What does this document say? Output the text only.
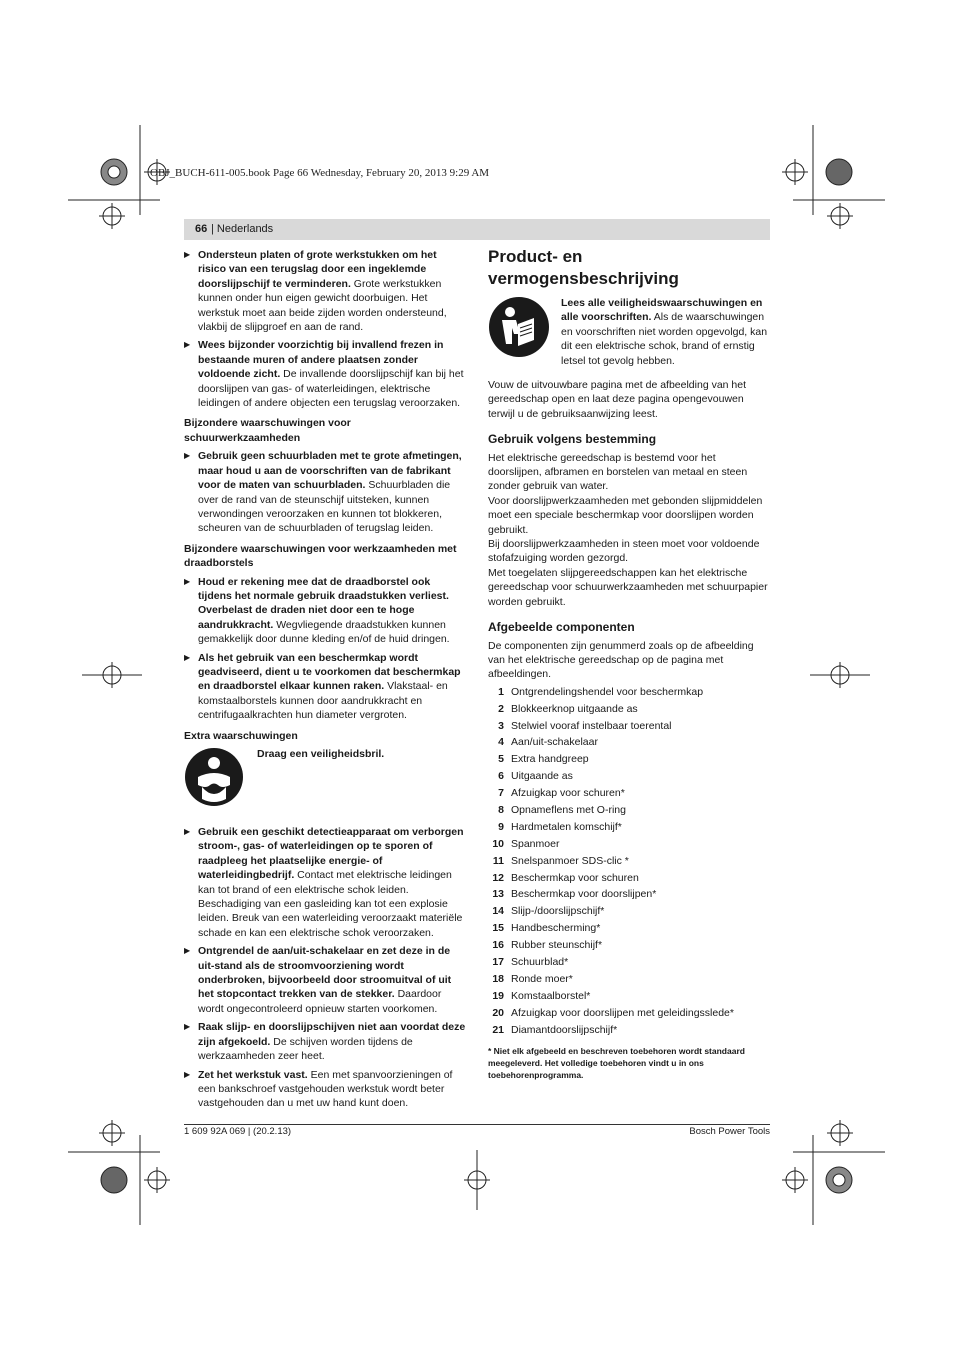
OBJ_BUCH-611-005.book Page 66 Wednesday, February 20, 2013 9:29 AM
66 | Nederlands
▶ Ondersteun platen of grote werkstukken om het risico van een terugslag door een ingeklemde doorslijpschijf te verminderen. Grote werkstukken kunnen onder hun eigen gewicht doorbuigen. Het werkstuk moet aan beide zijden worden ondersteund, vlakbij de slijpgroef en aan de rand.
▶ Wees bijzonder voorzichtig bij invallend frezen in bestaande muren of andere plaatsen zonder voldoende zicht. De invallende doorslijpschijf kan bij het doorslijpen van gas- of waterleidingen, elektrische leidingen of andere objecten een terugslag veroorzaken.
Bijzondere waarschuwingen voor schuurwerkzaamheden
▶ Gebruik geen schuurbladen met te grote afmetingen, maar houd u aan de voorschriften van de fabrikant voor de maten van schuurbladen. Schuurbladen die over de rand van de steunschijf uitsteken, kunnen verwondingen veroorzaken en kunnen tot blokkeren, scheuren van de schuurbladen of terugslag leiden.
Bijzondere waarschuwingen voor werkzaamheden met draadborstels
▶ Houd er rekening mee dat de draadborstel ook tijdens het normale gebruik draadstukken verliest. Overbelast de draden niet door een te hoge aandrukkracht. Wegvliegende draadstukken kunnen gemakkelijk door dunne kleding en/of de huid dringen.
▶ Als het gebruik van een beschermkap wordt geadviseerd, dient u te voorkomen dat beschermkap en draadborstel elkaar kunnen raken. Vlakstaal- en komstaalborstels kunnen door aandrukkracht en centrifugaalkrachten hun diameter vergroten.
Extra waarschuwingen
Draag een veiligheidsbril.
▶ Gebruik een geschikt detectieapparaat om verborgen stroom-, gas- of waterleidingen op te sporen of raadpleeg het plaatselijke energie- of waterleidingbedrijf. Contact met elektrische leidingen kan tot brand of een elektrische schok leiden. Beschadiging van een gasleiding kan tot een explosie leiden. Breuk van een waterleiding veroorzaakt materiële schade en kan een elektrische schok veroorzaken.
▶ Ontgrendel de aan/uit-schakelaar en zet deze in de uit-stand als de stroomvoorziening wordt onderbroken, bijvoorbeeld door stroomuitval of uit het stopcontact trekken van de stekker. Daardoor wordt ongecontroleerd opnieuw starten voorkomen.
▶ Raak slijp- en doorslijpschijven niet aan voordat deze zijn afgekoeld. De schijven worden tijdens de werkzaamheden zeer heet.
▶ Zet het werkstuk vast. Een met spanvoorzieningen of een bankschroef vastgehouden werkstuk wordt beter vastgehouden dan u met uw hand kunt doen.
Product- en vermogensbeschrijving
Lees alle veiligheidswaarschuwingen en alle voorschriften. Als de waarschuwingen en voorschriften niet worden opgevolgd, kan dit een elektrische schok, brand of ernstig letsel tot gevolg hebben.
Vouw de uitvouwbare pagina met de afbeelding van het gereedschap open en laat deze pagina opengevouwen terwijl u de gebruiksaanwijzing leest.
Gebruik volgens bestemming
Het elektrische gereedschap is bestemd voor het doorslijpen, afbramen en borstelen van metaal en steen zonder gebruik van water.
Voor doorslijpwerkzaamheden met gebonden slijpmiddelen moet een speciale beschermkap voor doorslijpen worden gebruikt.
Bij doorslijpwerkzaamheden in steen moet voor voldoende stofafzuiging worden gezorgd.
Met toegelaten slijpgereedschappen kan het elektrische gereedschap voor schuurwerkzaamheden met schuurpapier worden gebruikt.
Afgebeelde componenten
De componenten zijn genummerd zoals op de afbeelding van het elektrische gereedschap op de pagina met afbeeldingen.
1 Ontgrendelingshendel voor beschermkap
2 Blokkeerknop uitgaande as
3 Stelwiel vooraf instelbaar toerental
4 Aan/uit-schakelaar
5 Extra handgreep
6 Uitgaande as
7 Afzuigkap voor schuren*
8 Opnameflens met O-ring
9 Hardmetalen komschijf*
10 Spanmoer
11 Snelspanmoer SDS-clic *
12 Beschermkap voor schuren
13 Beschermkap voor doorslijpen*
14 Slijp-/doorslijpschijf*
15 Handbescherming*
16 Rubber steunschijf*
17 Schuurblad*
18 Ronde moer*
19 Komstaalborstel*
20 Afzuigkap voor doorslijpen met geleidingsslede*
21 Diamantdoorslijpschijf*
* Niet elk afgebeeld en beschreven toebehoren wordt standaard meegeleverd. Het volledige toebehoren vindt u in ons toebehorenprogramma.
1 609 92A 069 | (20.2.13)	Bosch Power Tools
